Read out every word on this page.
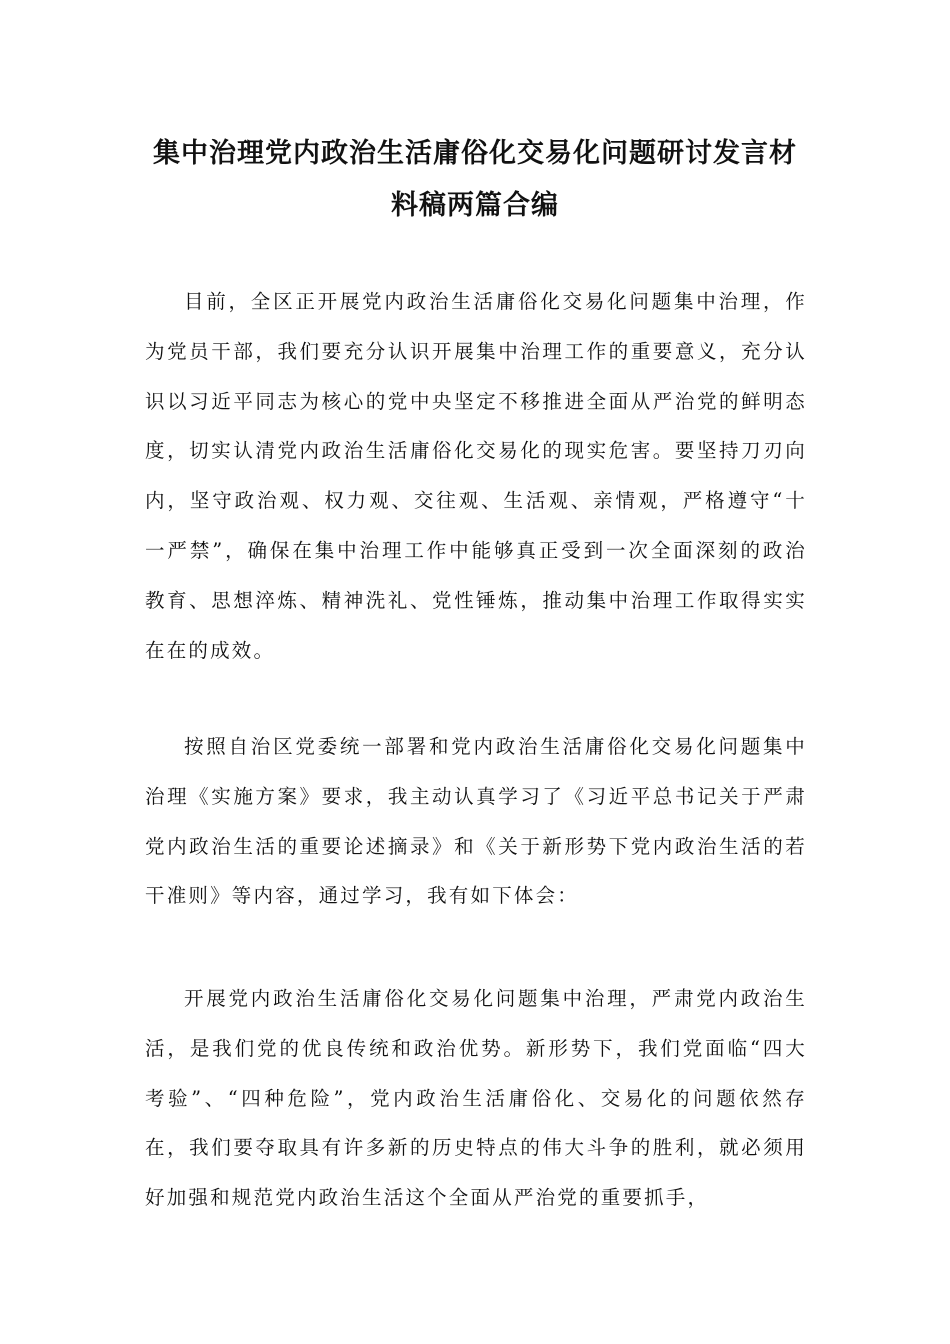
集中治理党内政治生活庸俗化交易化问题研讨发言材料稿两篇合编

目前，全区正开展党内政治生活庸俗化交易化问题集中治理，作为党员干部，我们要充分认识开展集中治理工作的重要意义，充分认识以习近平同志为核心的党中央坚定不移推进全面从严治党的鲜明态度，切实认清党内政治生活庸俗化交易化的现实危害。要坚持刀刃向内，坚守政治观、权力观、交往观、生活观、亲情观，严格遵守“十一严禁”，确保在集中治理工作中能够真正受到一次全面深刻的政治教育、思想淬炼、精神洗礼、党性锤炼，推动集中治理工作取得实实在在的成效。

按照自治区党委统一部署和党内政治生活庸俗化交易化问题集中治理《实施方案》要求，我主动认真学习了《习近平总书记关于严肃党内政治生活的重要论述摘录》和《关于新形势下党内政治生活的若干准则》等内容，通过学习，我有如下体会：

开展党内政治生活庸俗化交易化问题集中治理，严肃党内政治生活，是我们党的优良传统和政治优势。新形势下，我们党面临“四大考验”、“四种危险”，党内政治生活庸俗化、交易化的问题依然存在，我们要夺取具有许多新的历史特点的伟大斗争的胜利，就必须用好加强和规范党内政治生活这个全面从严治党的重要抓手，
